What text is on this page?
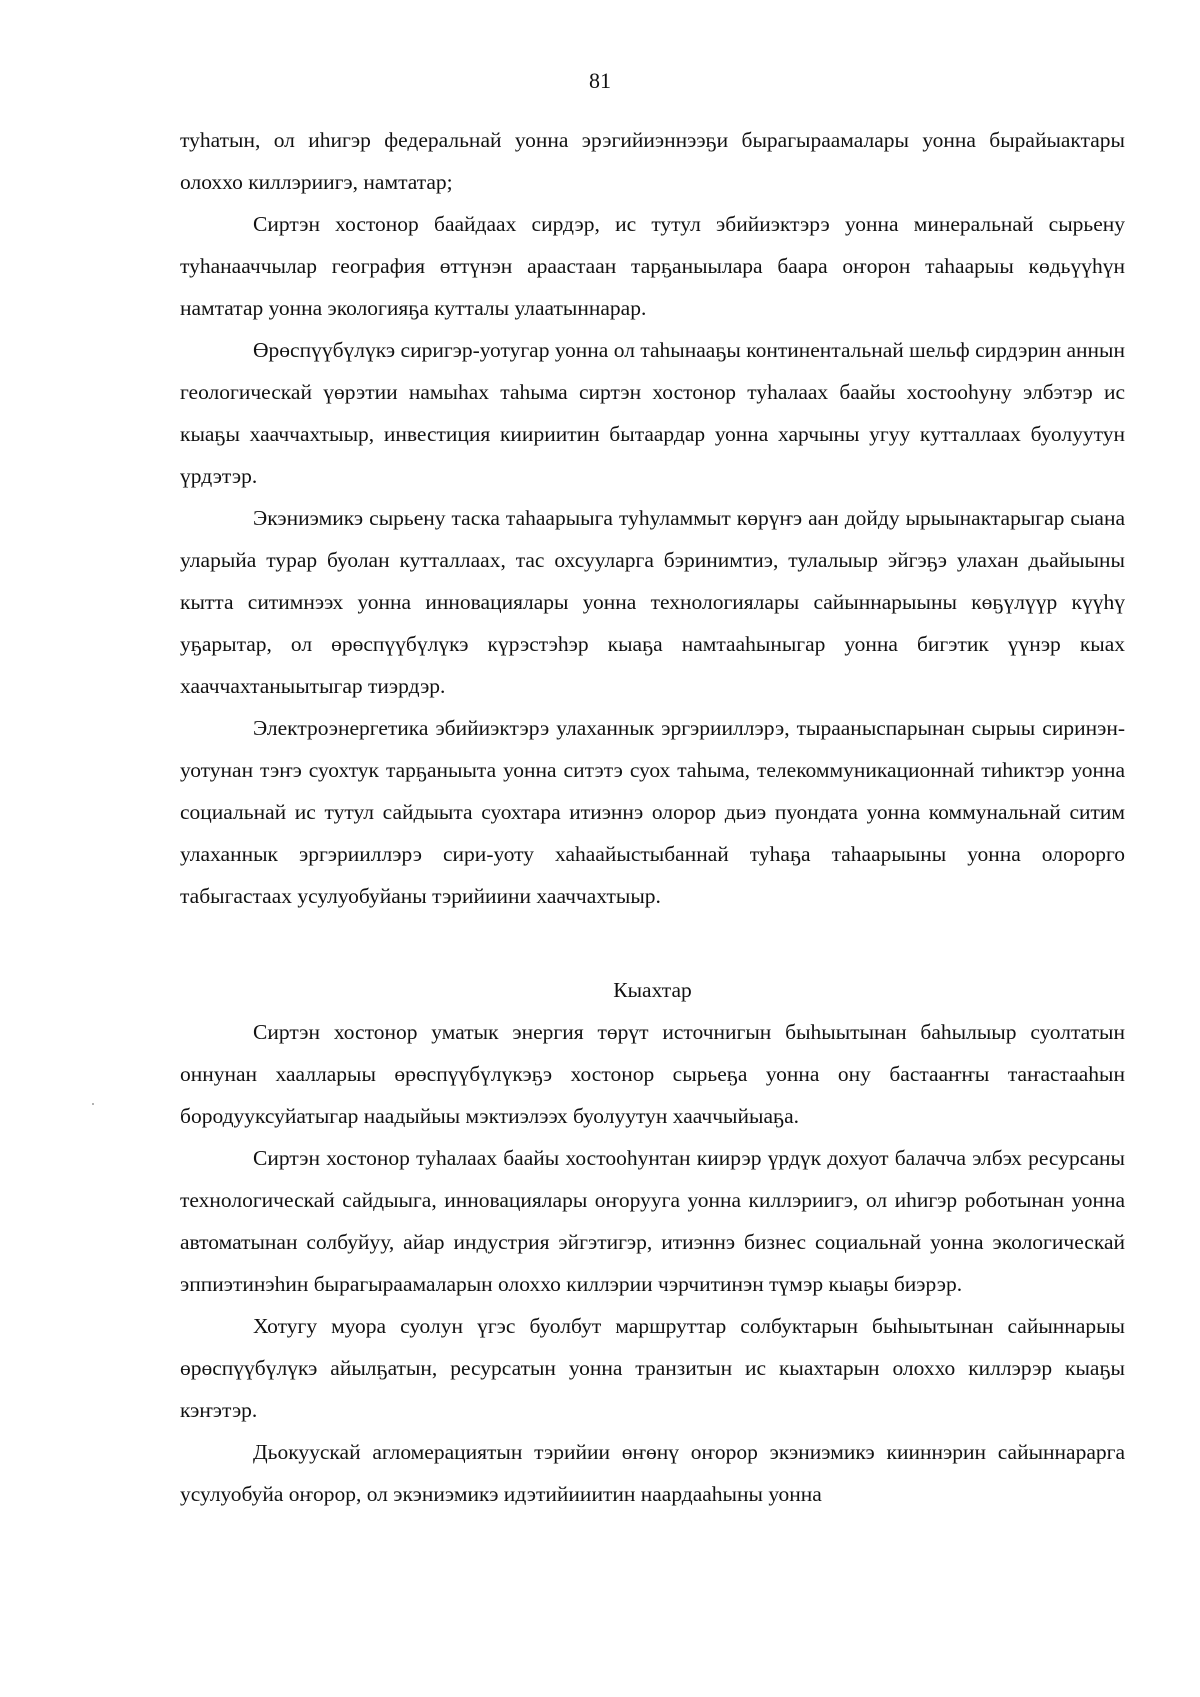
81

туһатын, ол иһигэр федеральнай уонна эрэгийиэннээҕи бырагыраамалары уонна бырайыактары олоххо киллэриигэ, намтатар;

Сиртэн хостонор баайдаах сирдэр, ис тутул эбийиэктэрэ уонна минеральнай сырьену туһанааччылар география өттүнэн араастаан тарҕаныылара баара оҥорон таһаарыы көдьүүһүн намтатар уонна экологияҕа кутталы улаатыннарар.

Өрөспүүбүлүкэ сиригэр-уотугар уонна ол таһынааҕы континентальнай шельф сирдэрин аннын геологическай үөрэтии намыһах таһыма сиртэн хостонор туһалаах баайы хостооһуну элбэтэр ис кыаҕы хааччахтыыр, инвестиция киириитин бытаардар уонна харчыны угуу кутталлаах буолуутун үрдэтэр.

Экэниэмикэ сырьену таска таһаарыыга туһуламмыт көрүҥэ аан дойду ырыынактарыгар сыана уларыйа турар буолан кутталлаах, тас охсууларга бэринимтиэ, тулалыыр эйгэҕэ улахан дьайыыны кытта ситимнээх уонна инновациялары уонна технологиялары сайыннарыыны көҕүлүүр күүһү уҕарытар, ол өрөспүүбүлүкэ күрэстэһэр кыаҕа намтааһыныгар уонна бигэтик үүнэр кыах хааччахтаныытыгар тиэрдэр.

Электроэнергетика эбийиэктэрэ улаханнык эргэрииллэрэ, тырааныспарынан сырыы сиринэн-уотунан тэҥэ суохтук тарҕаныыта уонна ситэтэ суох таһыма, телекоммуникационнай тиһиктэр уонна социальнай ис тутул сайдыыта суохтара итиэннэ олорор дьиэ пуондата уонна коммунальнай ситим улаханнык эргэрииллэрэ сири-уоту хаһаайыстыбаннай туһаҕа таһаарыыны уонна олорорго табыгастаах усулуобуйаны тэрийиини хааччахтыыр.

Кыахтар

Сиртэн хостонор уматык энергия төрүт источнигын быһыытынан баһылыыр суолтатын оннунан хаалларыы өрөспүүбүлүкэҕэ хостонор сырьеҕа уонна ону бастааҥҥы таҥастааһын бородууксуйатыгар наадыйыы мэктиэлээх буолуутун хааччыйыаҕа.

Сиртэн хостонор туһалаах баайы хостооһунтан киирэр үрдүк дохуот балачча элбэх ресурсаны технологическай сайдыыга, инновациялары оҥорууга уонна киллэриигэ, ол иһигэр роботынан уонна автоматынан солбуйуу, айар индустрия эйгэтигэр, итиэннэ бизнес социальнай уонна экологическай эппиэтинэһин бырагыраамаларын олоххо киллэрии чэрчитинэн түмэр кыаҕы биэрэр.

Хотугу муора суолун үгэс буолбут маршруттар солбуктарын быһыытынан сайыннарыы өрөспүүбүлүкэ айылҕатын, ресурсатын уонна транзитын ис кыахтарын олоххо киллэрэр кыаҕы кэҥэтэр.

Дьокуускай агломерациятын тэрийии өҥөнү оҥорор экэниэмикэ кииннэрин сайыннарарга усулуобуйа оҥорор, ол экэниэмикэ идэтийииитин наардааһыны уонна
